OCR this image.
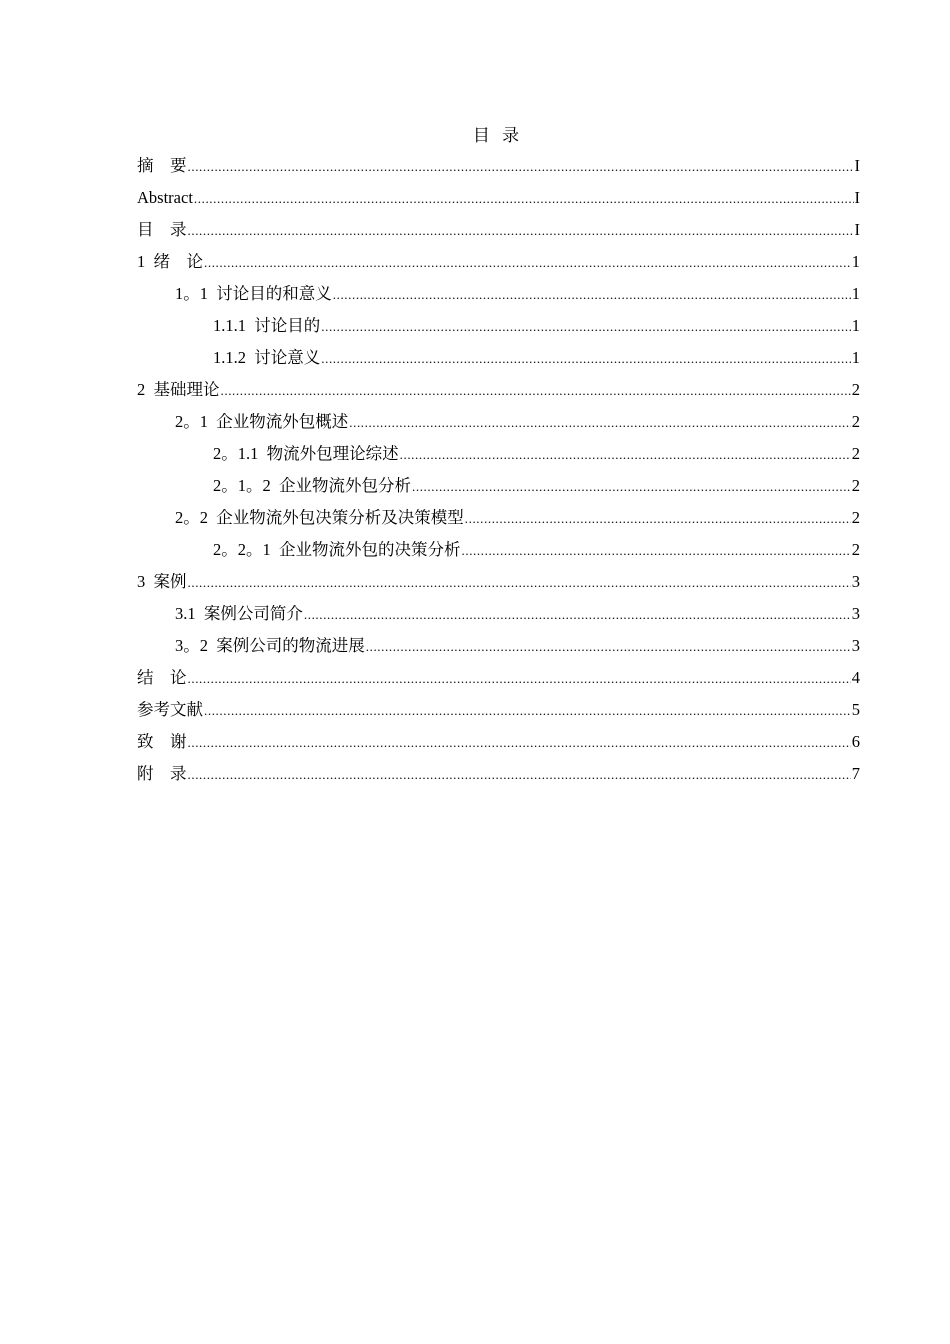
目 录
摘    要 .....	I
Abstract .....	I
目    录 .....	I
1  绪    论 .....	1
1。1  讨论目的和意义 .....	1
1.1.1  讨论目的 .....	1
1.1.2  讨论意义 .....	1
2  基础理论 .....	2
2。1  企业物流外包概述 .....	2
2。1.1  物流外包理论综述 .....	2
2。1。2  企业物流外包分析 .....	2
2。2  企业物流外包决策分析及决策模型 .....	2
2。2。1  企业物流外包的决策分析 .....	2
3  案例 .....	3
3.1  案例公司简介 .....	3
3。2  案例公司的物流进展 .....	3
结    论 .....	4
参考文献 .....	5
致    谢 .....	6
附    录 .....	7
